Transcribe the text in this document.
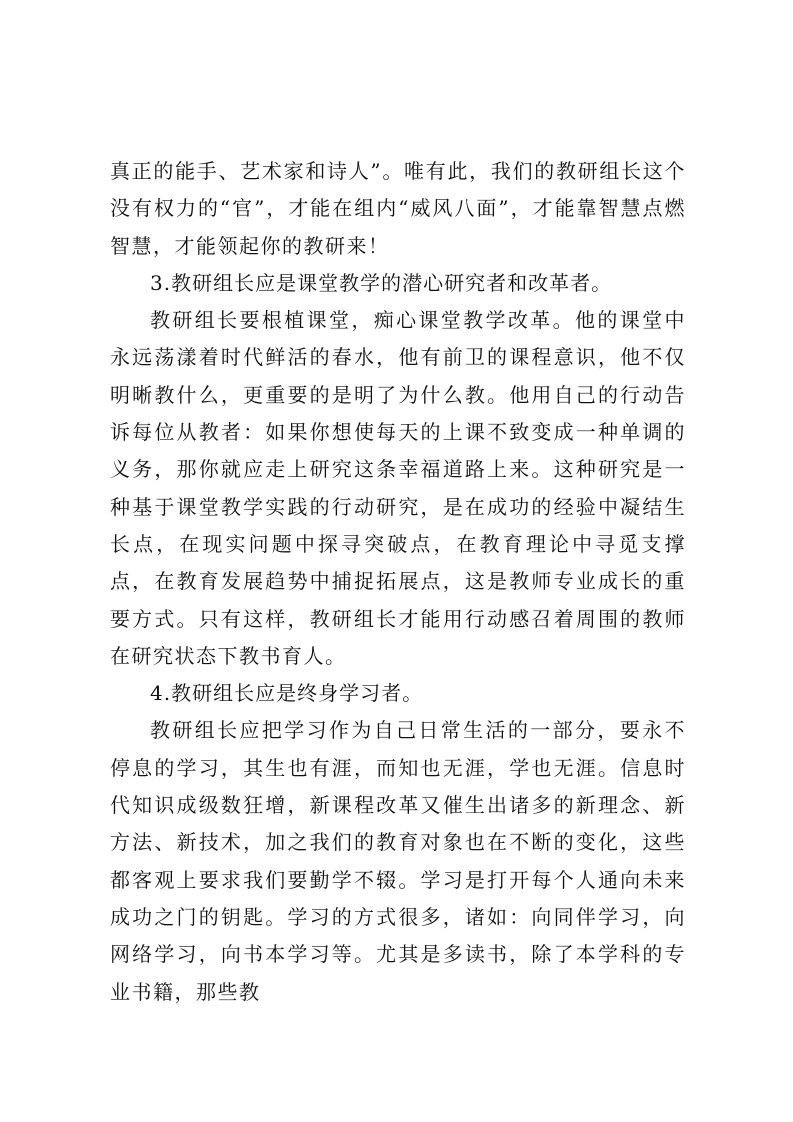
真正的能手、艺术家和诗人”。唯有此，我们的教研组长这个没有权力的“官”，才能在组内“威风八面”，才能靠智慧点燃智慧，才能领起你的教研来！

3.教研组长应是课堂教学的潜心研究者和改革者。

教研组长要根植课堂，痴心课堂教学改革。他的课堂中永远荡漾着时代鲜活的春水，他有前卫的课程意识，他不仅明晰教什么，更重要的是明了为什么教。他用自己的行动告诉每位从教者：如果你想使每天的上课不致变成一种单调的义务，那你就应走上研究这条幸福道路上来。这种研究是一种基于课堂教学实践的行动研究，是在成功的经验中凝结生长点，在现实问题中探寻突破点，在教育理论中寻觅支撑点，在教育发展趋势中捕捉拓展点，这是教师专业成长的重要方式。只有这样，教研组长才能用行动感召着周围的教师在研究状态下教书育人。

4.教研组长应是终身学习者。

教研组长应把学习作为自己日常生活的一部分，要永不停息的学习，其生也有涯，而知也无涯，学也无涯。信息时代知识成级数狂增，新课程改革又催生出诸多的新理念、新方法、新技术，加之我们的教育对象也在不断的变化，这些都客观上要求我们要勤学不辍。学习是打开每个人通向未来成功之门的钥匙。学习的方式很多，诸如：向同伴学习，向网络学习，向书本学习等。尤其是多读书，除了本学科的专业书籍，那些教
